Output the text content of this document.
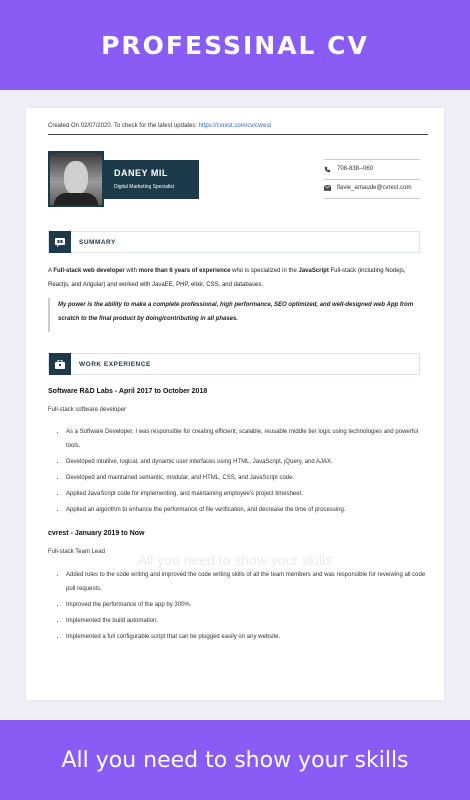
PROFESSINAL CV
Created On 02/07/2020. To check for the latest updates: https://cvrest.com/cv/cvrest
DANEY MIL
Digital Marketing Specialist
708-838--060
flavie_arnaude@cvrest.com
SUMMARY
A Full-stack web developer with more than 6 years of experience who is specialized in the JavaScript Full-stack (including Nodejs, Reactjs, and Angular) and worked with JavaEE, PHP, elixir, CSS, and databases.
My power is the ability to make a complete professional, high performance, SEO optimized, and well-designed web App from scratch to the final product by doing/contributing in all phases.
WORK EXPERIENCE
Software R&D Labs - April 2017 to October 2018
Full-stack software developer
• As a Software Developer, I was responsible for creating efficient, scalable, reusable middle tier logic using technologies and powerful tools.
• Developed intuitive, logical, and dynamic user interfaces using HTML, JavaScript, jQuery, and AJAX.
• Developed and maintained semantic, modular, and HTML, CSS, and JavaScript code.
• Applied JavaScript code for implementing, and maintaining employee's project timesheet.
• Applied an algorithm to enhance the performance of file verification, and decrease the time of processing.
cvrest - January 2019 to Now
Full-stack Team Lead
• Added rules to the code writing and improved the code writing skills of all the team members and was responsible for reviewing all code pull requests.
• Improved the performance of the app by 300%.
• Implemented the build automation.
• Implemented a full configurable script that can be plugged easily on any website.
All you need to show your skills

All you need to show your skills
